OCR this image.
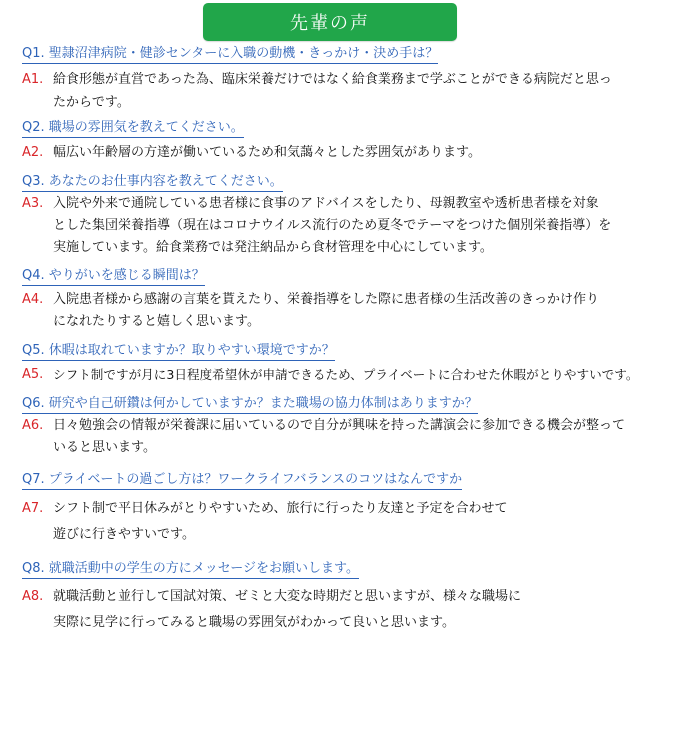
先輩の声
Q1. 聖隷沼津病院・健診センターに入職の動機・きっかけ・決め手は？
A1. 給食形態が直営であった為、臨床栄養だけではなく給食業務まで学ぶことができる病院だと思っ
たからです。
Q2. 職場の雰囲気を教えてください。
A2. 幅広い年齢層の方達が働いているため和気藹々とした雰囲気があります。
Q3. あなたのお仕事内容を教えてください。
A3. 入院や外来で通院している患者様に食事のアドバイスをしたり、母親教室や透析患者様を対象
とした集団栄養指導（現在はコロナウイルス流行のため夏冬でテーマをつけた個別栄養指導）を
実施しています。給食業務では発注納品から食材管理を中心にしています。
Q4. やりがいを感じる瞬間は？
A4. 入院患者様から感謝の言葉を貰えたり、栄養指導をした際に患者様の生活改善のきっかけ作り
になれたりすると嬉しく思います。
Q5. 休暇は取れていますか？取りやすい環境ですか？
A5. シフト制ですが月に3日程度希望休が申請できるため、プライベートに合わせた休暇がとりやすいです。
Q6. 研究や自己研鑽は何かしていますか？また職場の協力体制はありますか？
A6. 日々勉強会の情報が栄養課に届いているので自分が興味を持った講演会に参加できる機会が整って
いると思います。
Q7. プライベートの過ごし方は？ワークライフバランスのコツはなんですか
A7. シフト制で平日休みがとりやすいため、旅行に行ったり友達と予定を合わせて
遊びに行きやすいです。
Q8. 就職活動中の学生の方にメッセージをお願いします。
A8. 就職活動と並行して国試対策、ゼミと大変な時期だと思いますが、様々な職場に
実際に見学に行ってみると職場の雰囲気がわかって良いと思います。
